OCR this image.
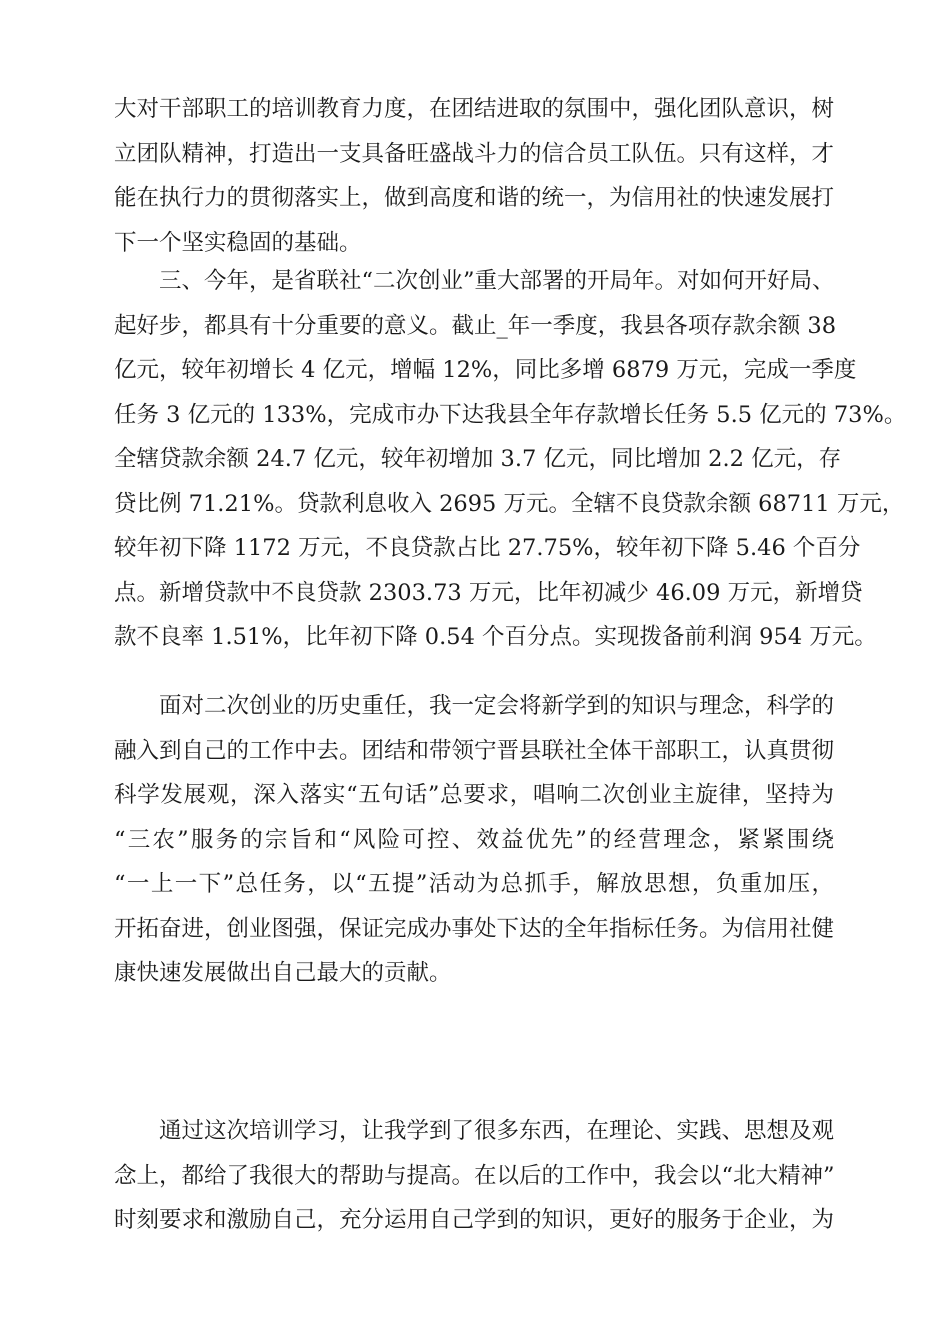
大对干部职工的培训教育力度，在团结进取的氛围中，强化团队意识，树
立团队精神，打造出一支具备旺盛战斗力的信合员工队伍。只有这样，才
能在执行力的贯彻落实上，做到高度和谐的统一，为信用社的快速发展打
下一个坚实稳固的基础。
三、今年，是省联社“二次创业”重大部署的开局年。对如何开好局、
起好步，都具有十分重要的意义。截止_年一季度，我县各项存款余额 38
亿元，较年初增长 4 亿元，增幅 12%，同比多增 6879 万元，完成一季度
任务 3 亿元的 133%，完成市办下达我县全年存款增长任务 5.5 亿元的 73%。
全辖贷款余额 24.7 亿元，较年初增加 3.7 亿元，同比增加 2.2 亿元，存
贷比例 71.21%。贷款利息收入 2695 万元。全辖不良贷款余额 68711 万元，
较年初下降 1172 万元，不良贷款占比 27.75%，较年初下降 5.46 个百分
点。新增贷款中不良贷款 2303.73 万元，比年初减少 46.09 万元，新增贷
款不良率 1.51%，比年初下降 0.54 个百分点。实现拨备前利润 954 万元。
面对二次创业的历史重任，我一定会将新学到的知识与理念，科学的
融入到自己的工作中去。团结和带领宁晋县联社全体干部职工，认真贯彻
科学发展观，深入落实“五句话”总要求，唱响二次创业主旋律，坚持为
“三农”服务的宗旨和“风险可控、效益优先”的经营理念，紧紧围绕
“一上一下”总任务，以“五提”活动为总抓手，解放思想，负重加压，
开拓奋进，创业图强，保证完成办事处下达的全年指标任务。为信用社健
康快速发展做出自己最大的贡献。
通过这次培训学习，让我学到了很多东西，在理论、实践、思想及观
念上，都给了我很大的帮助与提高。在以后的工作中，我会以“北大精神”
时刻要求和激励自己，充分运用自己学到的知识，更好的服务于企业，为
